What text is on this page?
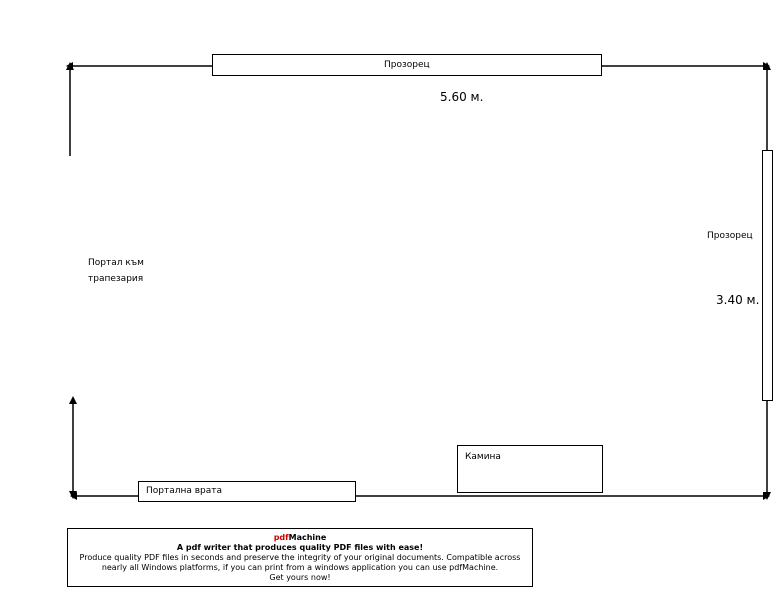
Прозорец
5.60 м.
Прозорец
3.40 м.
Портал към
трапезария
Камина
Портална врата
pdfMachine
A pdf writer that produces quality PDF files with ease!
Produce quality PDF files in seconds and preserve the integrity of your original documents. Compatible across
nearly all Windows platforms, if you can print from a windows application you can use pdfMachine.
Get yours now!
